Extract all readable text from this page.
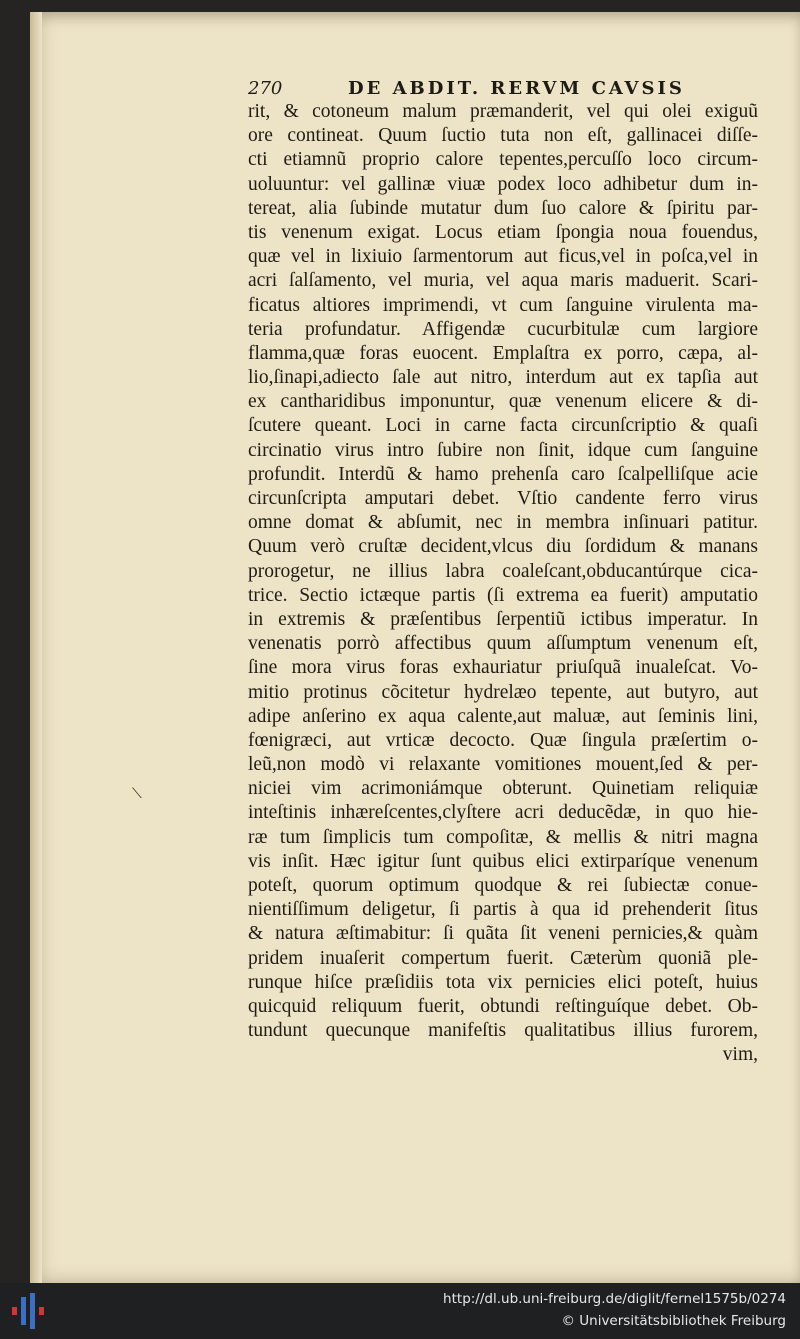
270	DE ABDIT. RERVM CAVSIS
rit, & cotoneum malum præmanderit, vel qui olei exiguũ
ore contineat. Quum ſuctio tuta non eſt, gallinacei diſſe-
cti etiamnũ proprio calore tepentes,percuſſo loco circum-
uoluuntur: vel gallinæ viuæ podex loco adhibetur dum in-
tereat, alia ſubinde mutatur dum ſuo calore & ſpiritu par-
tis venenum exigat. Locus etiam ſpongia noua fouendus,
quæ vel in lixiuio ſarmentorum aut ficus,vel in poſca,vel in
acri ſalſamento, vel muria, vel aqua maris maduerit. Scari-
ficatus altiores imprimendi, vt cum ſanguine virulenta ma-
teria profundatur. Affigendæ cucurbitulæ cum largiore
flamma,quæ foras euocent. Emplaſtra ex porro, cæpa, al-
lio,ſinapi,adiecto ſale aut nitro, interdum aut ex tapſia aut
ex cantharidibus imponuntur, quæ venenum elicere & di-
ſcutere queant. Loci in carne facta circunſcriptio & quaſi
circinatio virus intro ſubire non ſinit, idque cum ſanguine
profundit. Interdũ & hamo prehenſa caro ſcalpelliſque acie
circunſcripta amputari debet. Vſtio candente ferro virus
omne domat & abſumit, nec in membra inſinuari patitur.
Quum verò cruſtæ decident,vlcus diu ſordidum & manans
prorogetur, ne illius labra coaleſcant,obducantúrque cica-
trice. Sectio ictæque partis (ſi extrema ea fuerit) amputatio
in extremis & præſentibus ſerpentiũ ictibus imperatur. In
venenatis porrò affectibus quum aſſumptum venenum eſt,
ſine mora virus foras exhauriatur priuſquã inualeſcat. Vo-
mitio protinus cõcitetur hydrelæo tepente, aut butyro, aut
adipe anſerino ex aqua calente,aut maluæ, aut ſeminis lini,
fœnigræci, aut vrticæ decocto. Quæ ſingula præſertim o-
leũ,non modò vi relaxante vomitiones mouent,ſed & per-
niciei vim acrimoniámque obterunt. Quinetiam reliquiæ
inteſtinis inhæreſcentes,clyſtere acri deducẽdæ, in quo hie-
ræ tum ſimplicis tum compoſitæ, & mellis & nitri magna
vis inſit. Hæc igitur ſunt quibus elici extirparíque venenum
poteſt, quorum optimum quodque & rei ſubiectæ conue-
nientiſſimum deligetur, ſi partis à qua id prehenderit ſitus
& natura æſtimabitur: ſi quãta ſit veneni pernicies,& quàm
pridem inuaſerit compertum fuerit. Cæterùm quoniã ple-
runque hiſce præſidiis tota vix pernicies elici poteſt, huius
quicquid reliquum fuerit, obtundi reſtinguíque debet. Ob-
tundunt quecunque manifeſtis qualitatibus illius furorem,
vim,
⟍
http://dl.ub.uni-freiburg.de/diglit/fernel1575b/0274
© Universitätsbibliothek Freiburg
